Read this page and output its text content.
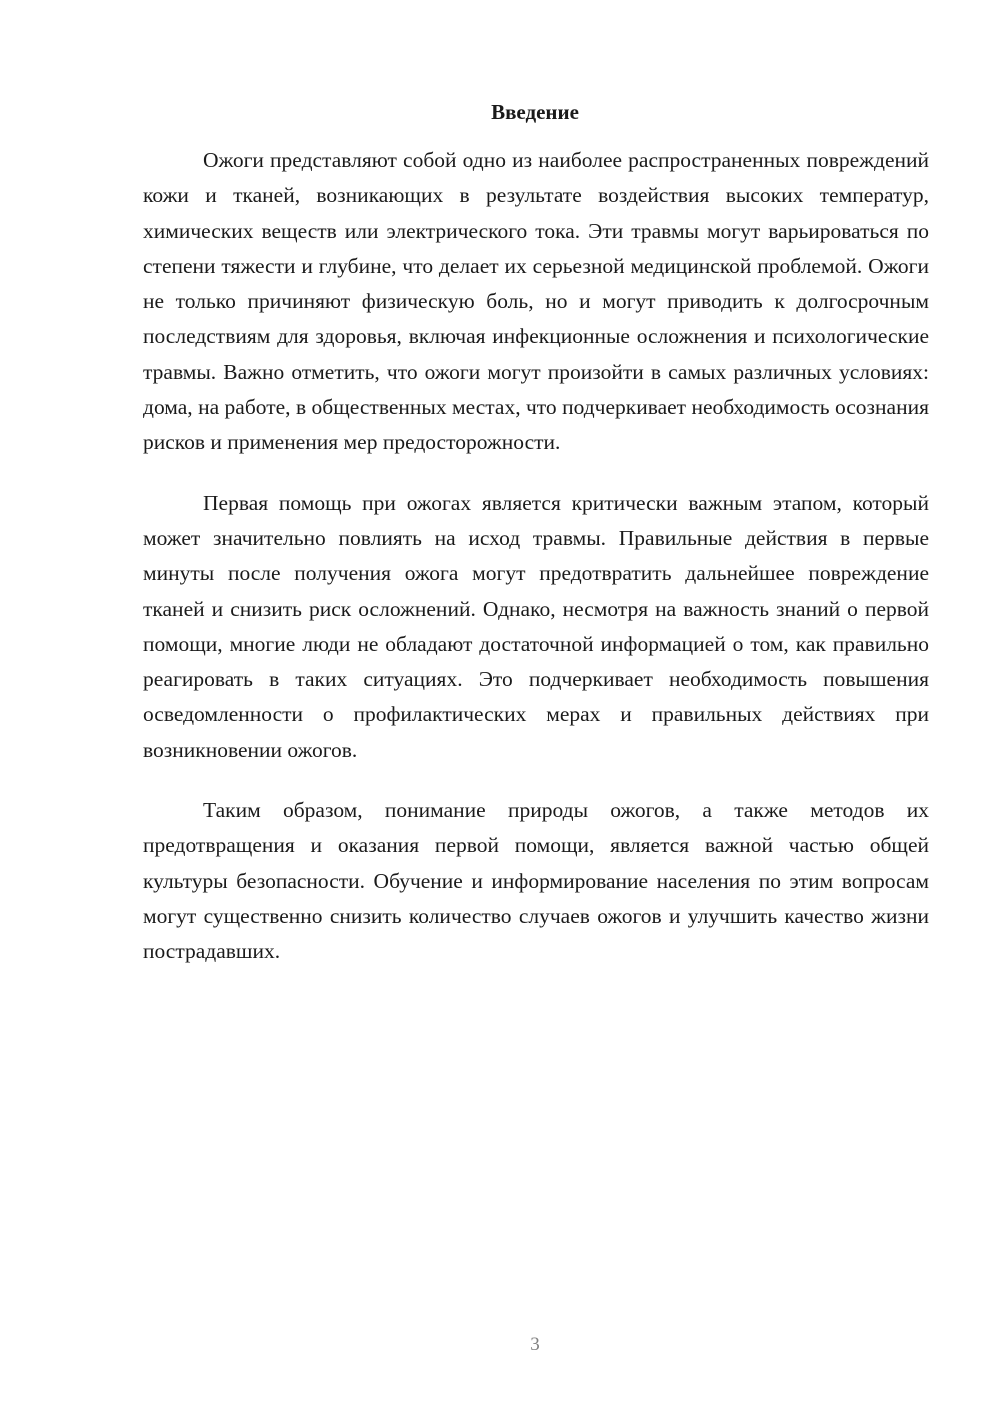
Введение

Ожоги представляют собой одно из наиболее распространенных повреждений кожи и тканей, возникающих в результате воздействия высоких температур, химических веществ или электрического тока. Эти травмы могут варьироваться по степени тяжести и глубине, что делает их серьезной медицинской проблемой. Ожоги не только причиняют физическую боль, но и могут приводить к долгосрочным последствиям для здоровья, включая инфекционные осложнения и психологические травмы. Важно отметить, что ожоги могут произойти в самых различных условиях: дома, на работе, в общественных местах, что подчеркивает необходимость осознания рисков и применения мер предосторожности.

Первая помощь при ожогах является критически важным этапом, который может значительно повлиять на исход травмы. Правильные действия в первые минуты после получения ожога могут предотвратить дальнейшее повреждение тканей и снизить риск осложнений. Однако, несмотря на важность знаний о первой помощи, многие люди не обладают достаточной информацией о том, как правильно реагировать в таких ситуациях. Это подчеркивает необходимость повышения осведомленности о профилактических мерах и правильных действиях при возникновении ожогов.

Таким образом, понимание природы ожогов, а также методов их предотвращения и оказания первой помощи, является важной частью общей культуры безопасности. Обучение и информирование населения по этим вопросам могут существенно снизить количество случаев ожогов и улучшить качество жизни пострадавших.

3
